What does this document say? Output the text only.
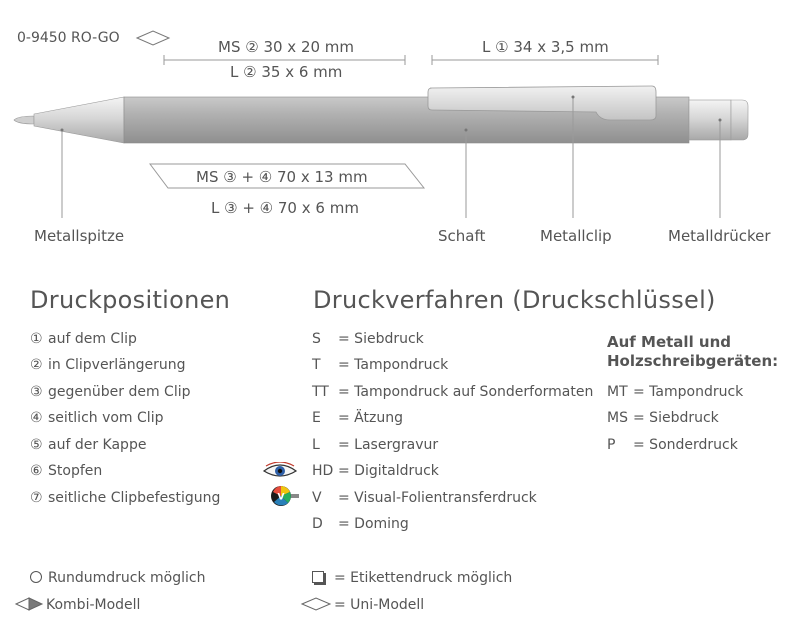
0-9450 RO-GO	MS ② 30 x 20 mm
L ② 35 x 6 mm
L ① 34 x 3,5 mm
MS ③ + ④ 70 x 13 mm
L ③ + ④ 70 x 6 mm
Metallspitze	Schaft	Metallclip	Metalldrücker
Druckpositionen	Druckverfahren (Druckschlüssel)
① auf dem Clip
② in Clipverlängerung
③ gegenüber dem Clip
④ seitlich vom Clip
⑤ auf der Kappe
⑥ Stopfen
⑦ seitliche Clipbefestigung
S = Siebdruck
T = Tampondruck
TT = Tampondruck auf Sonderformaten
E = Ätzung
L = Lasergravur
HD = Digitaldruck
V = Visual-Folientransferdruck
D = Doming
V
Auf Metall und
Holzschreibgeräten:
MT = Tampondruck
MS = Siebdruck
P = Sonderdruck
Rundumdruck möglich
Kombi-Modell
= Etikettendruck möglich
= Uni-Modell
